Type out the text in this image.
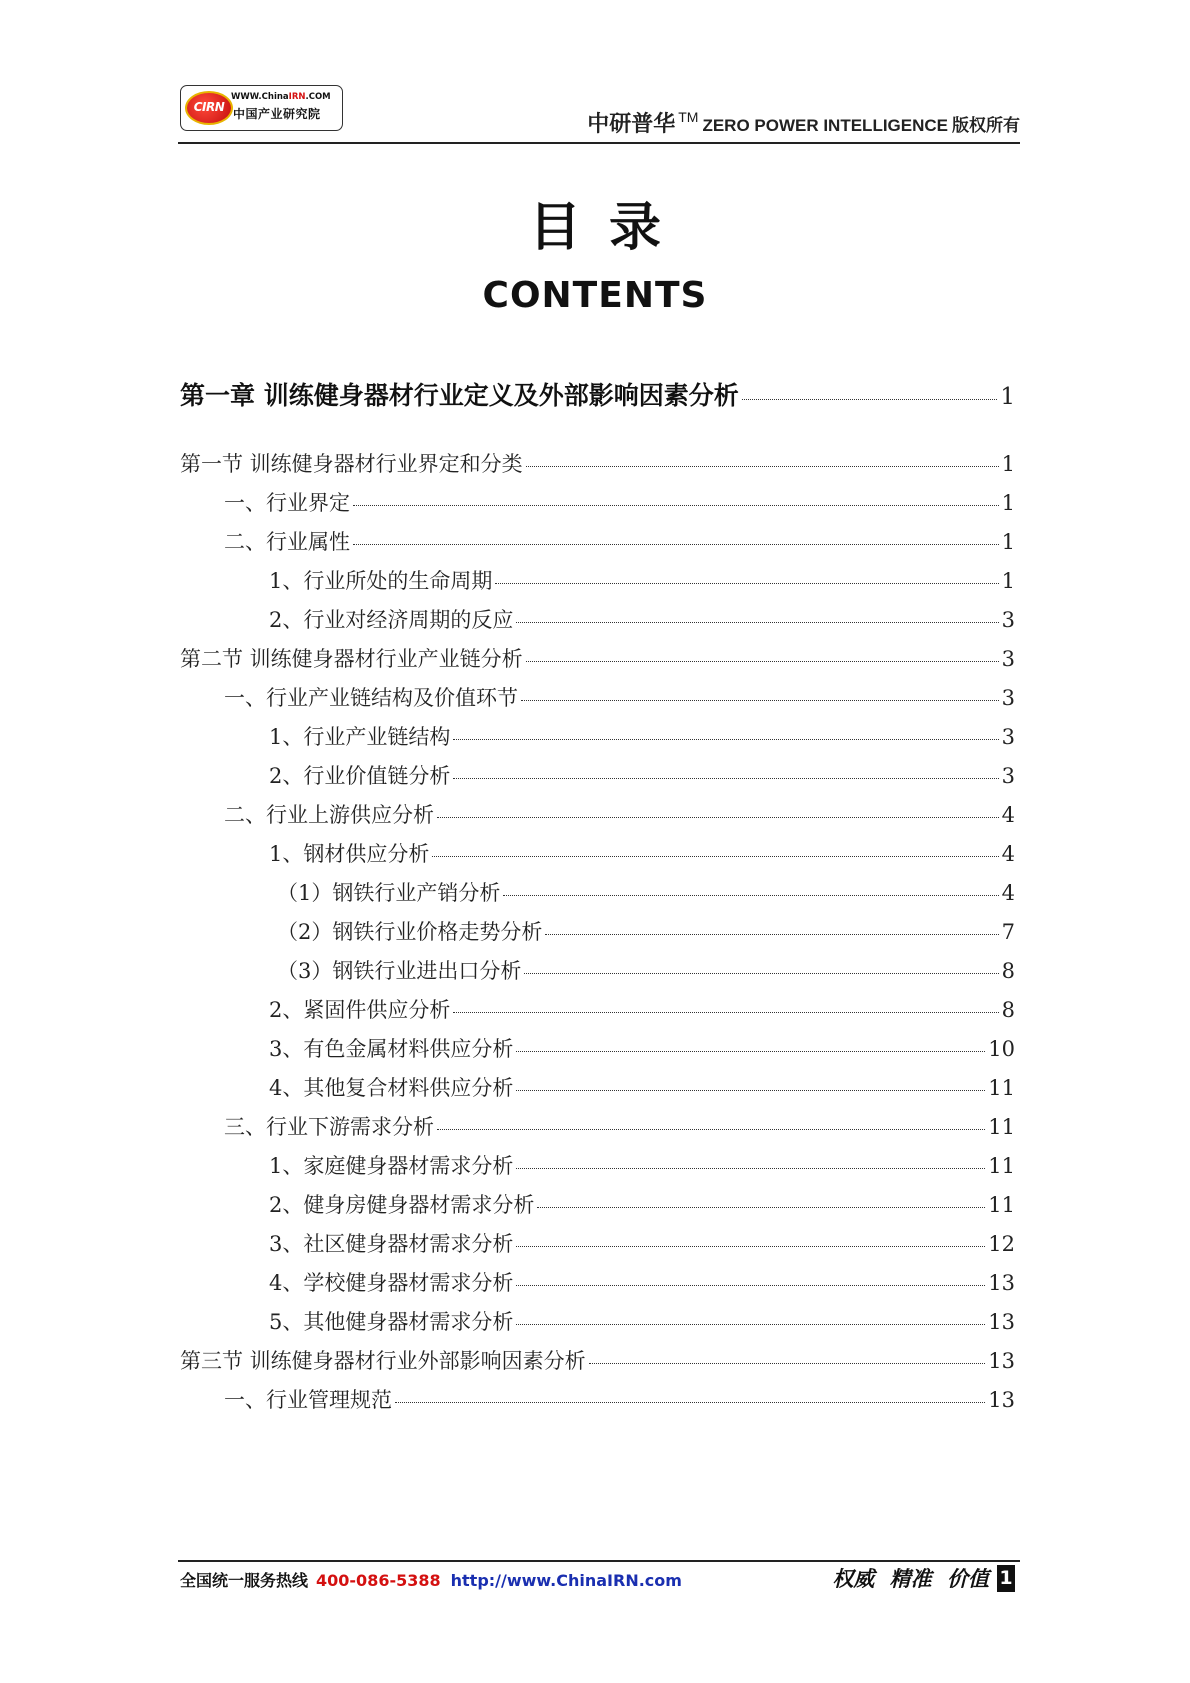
CIRN
WWW.ChinaIRN.COM
中国产业研究院	中研普华 TM ZERO POWER INTELLIGENCE 版权所有
目录
CONTENTS
第一章 训练健身器材行业定义及外部影响因素分析	1
第一节 训练健身器材行业界定和分类	1
一、行业界定	1
二、行业属性	1
1、行业所处的生命周期	1
2、行业对经济周期的反应	3
第二节 训练健身器材行业产业链分析	3
一、行业产业链结构及价值环节	3
1、行业产业链结构	3
2、行业价值链分析	3
二、行业上游供应分析	4
1、钢材供应分析	4
（1）钢铁行业产销分析	4
（2）钢铁行业价格走势分析	7
（3）钢铁行业进出口分析	8
2、紧固件供应分析	8
3、有色金属材料供应分析	10
4、其他复合材料供应分析	11
三、行业下游需求分析	11
1、家庭健身器材需求分析	11
2、健身房健身器材需求分析	11
3、社区健身器材需求分析	12
4、学校健身器材需求分析	13
5、其他健身器材需求分析	13
第三节 训练健身器材行业外部影响因素分析	13
一、行业管理规范	13
全国统一服务热线 400-086-5388 http://www.ChinaIRN.com	权威 精准 价值 1
